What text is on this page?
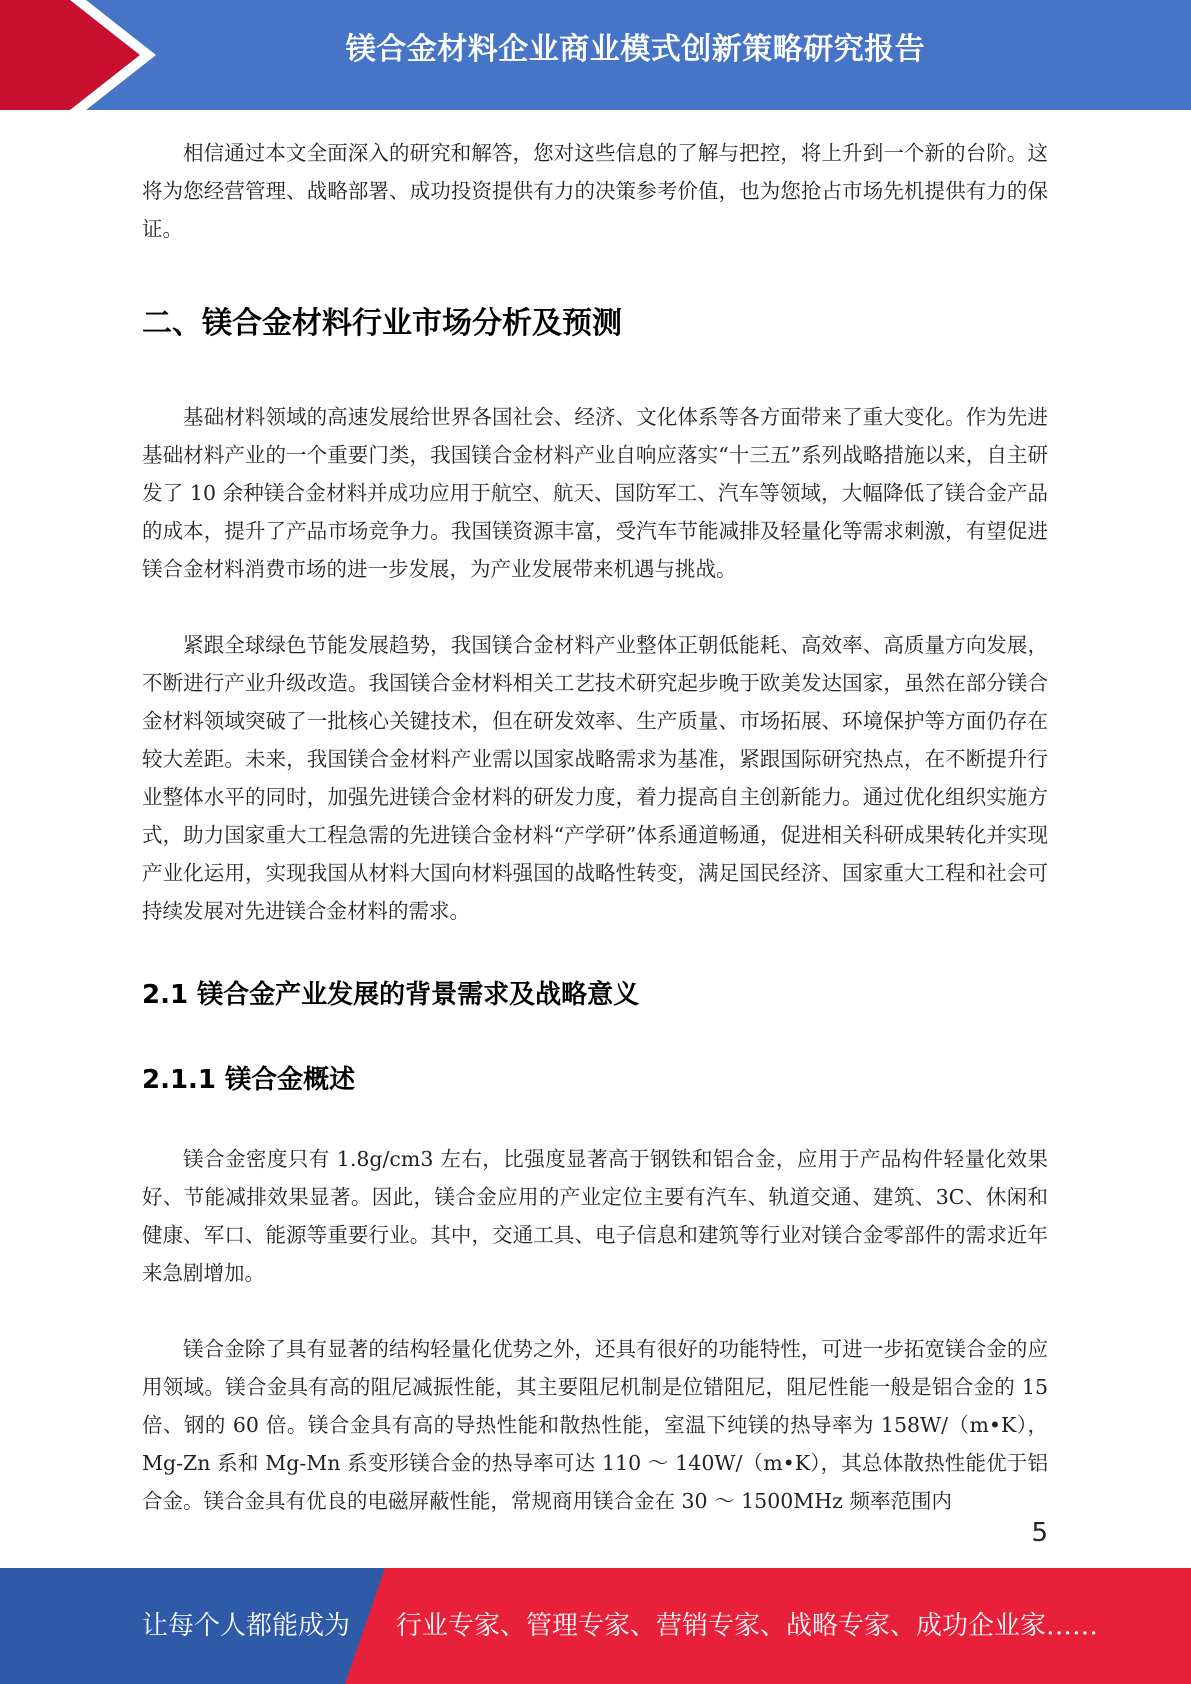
镁合金材料企业商业模式创新策略研究报告

相信通过本文全面深入的研究和解答，您对这些信息的了解与把控，将上升到一个新的台阶。这将为您经营管理、战略部署、成功投资提供有力的决策参考价值，也为您抢占市场先机提供有力的保证。

二、镁合金材料行业市场分析及预测

基础材料领域的高速发展给世界各国社会、经济、文化体系等各方面带来了重大变化。作为先进基础材料产业的一个重要门类，我国镁合金材料产业自响应落实“十三五”系列战略措施以来，自主研发了 10 余种镁合金材料并成功应用于航空、航天、国防军工、汽车等领域，大幅降低了镁合金产品的成本，提升了产品市场竞争力。我国镁资源丰富，受汽车节能减排及轻量化等需求刺激，有望促进镁合金材料消费市场的进一步发展，为产业发展带来机遇与挑战。

紧跟全球绿色节能发展趋势，我国镁合金材料产业整体正朝低能耗、高效率、高质量方向发展，不断进行产业升级改造。我国镁合金材料相关工艺技术研究起步晚于欧美发达国家，虽然在部分镁合金材料领域突破了一批核心关键技术，但在研发效率、生产质量、市场拓展、环境保护等方面仍存在较大差距。未来，我国镁合金材料产业需以国家战略需求为基准，紧跟国际研究热点，在不断提升行业整体水平的同时，加强先进镁合金材料的研发力度，着力提高自主创新能力。通过优化组织实施方式，助力国家重大工程急需的先进镁合金材料“产学研”体系通道畅通，促进相关科研成果转化并实现产业化运用，实现我国从材料大国向材料强国的战略性转变，满足国民经济、国家重大工程和社会可持续发展对先进镁合金材料的需求。

2.1 镁合金产业发展的背景需求及战略意义
2.1.1 镁合金概述

镁合金密度只有 1.8g/cm3 左右，比强度显著高于钢铁和铝合金，应用于产品构件轻量化效果好、节能减排效果显著。因此，镁合金应用的产业定位主要有汽车、轨道交通、建筑、3C、休闲和健康、军口、能源等重要行业。其中，交通工具、电子信息和建筑等行业对镁合金零部件的需求近年来急剧增加。

镁合金除了具有显著的结构轻量化优势之外，还具有很好的功能特性，可进一步拓宽镁合金的应用领域。镁合金具有高的阻尼减振性能，其主要阻尼机制是位错阻尼，阻尼性能一般是铝合金的 15 倍、钢的 60 倍。镁合金具有高的导热性能和散热性能，室温下纯镁的热导率为 158W/（m•K），Mg-Zn 系和 Mg-Mn 系变形镁合金的热导率可达 110 ～ 140W/（m•K），其总体散热性能优于铝合金。镁合金具有优良的电磁屏蔽性能，常规商用镁合金在 30 ～ 1500MHz 频率范围内

5
让每个人都能成为 行业专家、管理专家、营销专家、战略专家、成功企业家……
